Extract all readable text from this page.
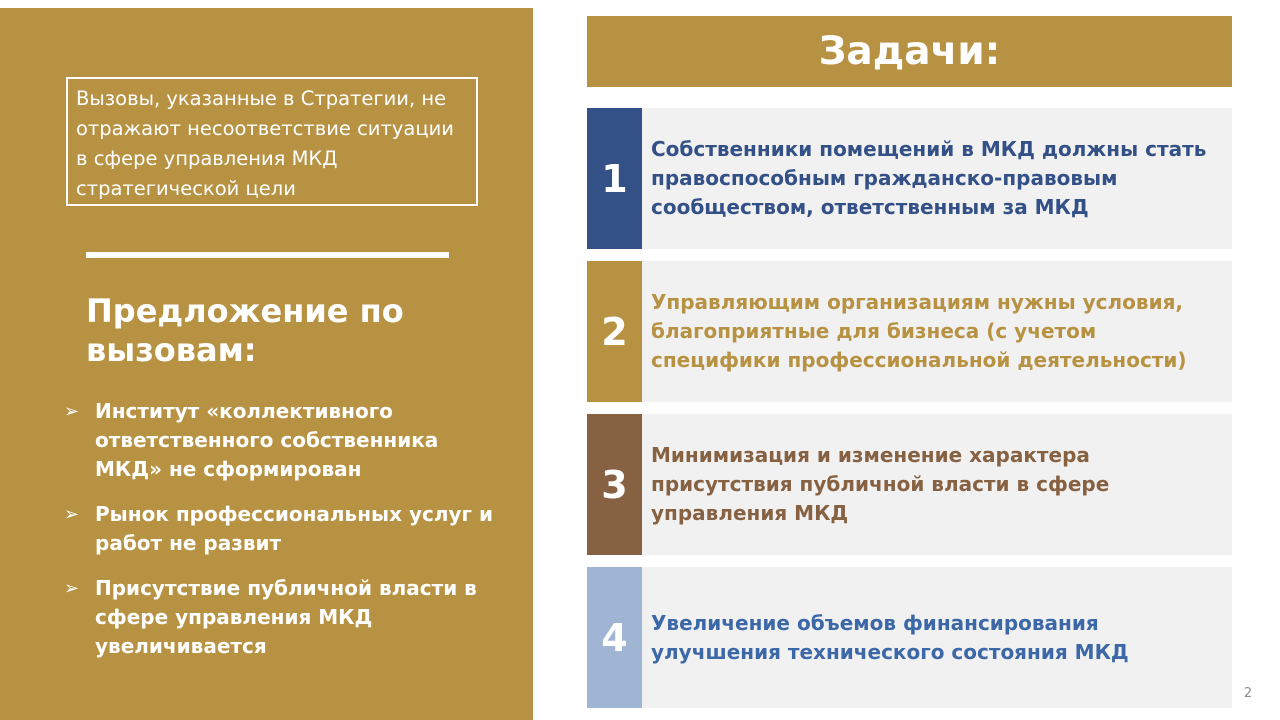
Вызовы, указанные в Стратегии, не отражают несоответствие ситуации в сфере управления МКД стратегической цели
Предложение по вызовам:
➢ Институт «коллективного ответственного собственника МКД» не сформирован
➢ Рынок профессиональных услуг и работ не развит
➢ Присутствие публичной власти в сфере управления МКД увеличивается
Задачи:
1
Собственники помещений в МКД должны стать правоспособным гражданско-правовым сообществом, ответственным за МКД
2
Управляющим организациям нужны условия, благоприятные для бизнеса (с учетом специфики профессиональной деятельности)
3
Минимизация и изменение характера присутствия публичной власти в сфере управления МКД
4	Увеличение объемов финансирования улучшения технического состояния МКД
2
